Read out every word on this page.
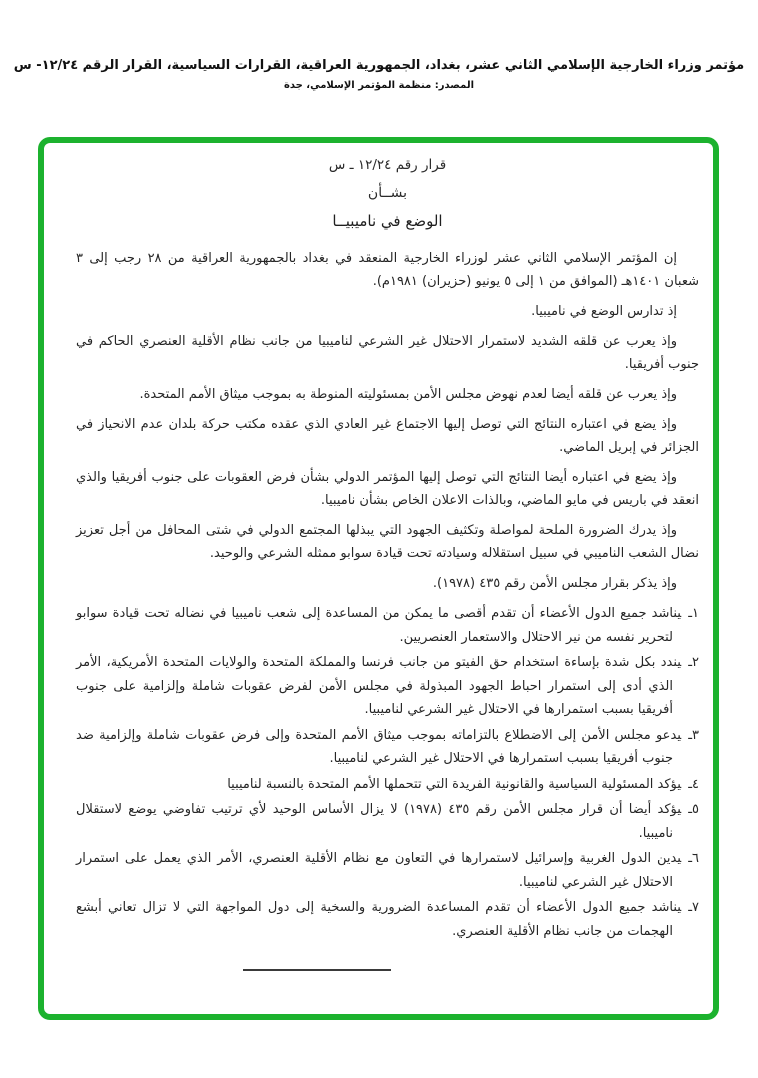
مؤتمر وزراء الخارجية الإسلامي الثاني عشر، بغداد، الجمهورية العراقية، القرارات السياسية، القرار الرقم ١٢/٢٤- س
المصدر: منظمة المؤتمر الإسلامي، جدة
قرار رقم ١٢/٢٤ ـ س
بشــأن
الوضع في ناميبيــا

إن المؤتمر الإسلامي الثاني عشر لوزراء الخارجية المنعقد في بغداد بالجمهورية العراقية من ٢٨ رجب إلى ٣ شعبان ١٤٠١هـ (الموافق من ١ إلى ٥ يونيو (حزيران) ١٩٨١م).

إذ تدارس الوضع في ناميبيا.

وإذ يعرب عن قلقه الشديد لاستمرار الاحتلال غير الشرعي لناميبيا من جانب نظام الأقلية العنصري الحاكم في جنوب أفريقيا.

وإذ يعرب عن قلقه أيضا لعدم نهوض مجلس الأمن بمسئوليته المنوطة به بموجب ميثاق الأمم المتحدة.

وإذ يضع في اعتباره النتائج التي توصل إليها الاجتماع غير العادي الذي عقده مكتب حركة بلدان عدم الانحياز في الجزائر في إبريل الماضي.

وإذ يضع في اعتباره أيضا النتائج التي توصل إليها المؤتمر الدولي بشأن فرض العقوبات على جنوب أفريقيا والذي انعقد في باريس في مايو الماضي، وبالذات الاعلان الخاص بشأن ناميبيا.

وإذ يدرك الضرورة الملحة لمواصلة وتكثيف الجهود التي يبذلها المجتمع الدولي في شتى المحافل من أجل تعزيز نضال الشعب الناميبي في سبيل استقلاله وسيادته تحت قيادة سوابو ممثله الشرعي والوحيد.

وإذ يذكر بقرار مجلس الأمن رقم ٤٣٥ (١٩٧٨).

١ـيناشد جميع الدول الأعضاء أن تقدم أقصى ما يمكن من المساعدة إلى شعب ناميبيا في نضاله تحت قيادة سوابو لتحرير نفسه من نير الاحتلال والاستعمار العنصريين.
٢ـيندد بكل شدة بإساءة استخدام حق الفيتو من جانب فرنسا والمملكة المتحدة والولايات المتحدة الأمريكية، الأمر الذي أدى إلى استمرار احباط الجهود المبذولة في مجلس الأمن لفرض عقوبات شاملة وإلزامية على جنوب أفريقيا بسبب استمرارها في الاحتلال غير الشرعي لناميبيا.
٣ـيدعو مجلس الأمن إلى الاضطلاع بالتزاماته بموجب ميثاق الأمم المتحدة وإلى فرض عقوبات شاملة وإلزامية ضد جنوب أفريقيا بسبب استمرارها في الاحتلال غير الشرعي لناميبيا.
٤ـيؤكد المسئولية السياسية والقانونية الفريدة التي تتحملها الأمم المتحدة بالنسبة لناميبيا
٥ـيؤكد أيضا أن قرار مجلس الأمن رقم ٤٣٥ (١٩٧٨) لا يزال الأساس الوحيد لأي ترتيب تفاوضي يوضع لاستقلال ناميبيا.
٦ـيدين الدول الغربية وإسرائيل لاستمرارها في التعاون مع نظام الأقلية العنصري، الأمر الذي يعمل على استمرار الاحتلال غير الشرعي لناميبيا.
٧ـيناشد جميع الدول الأعضاء أن تقدم المساعدة الضرورية والسخية إلى دول المواجهة التي لا تزال تعاني أبشع الهجمات من جانب نظام الأقلية العنصري.
